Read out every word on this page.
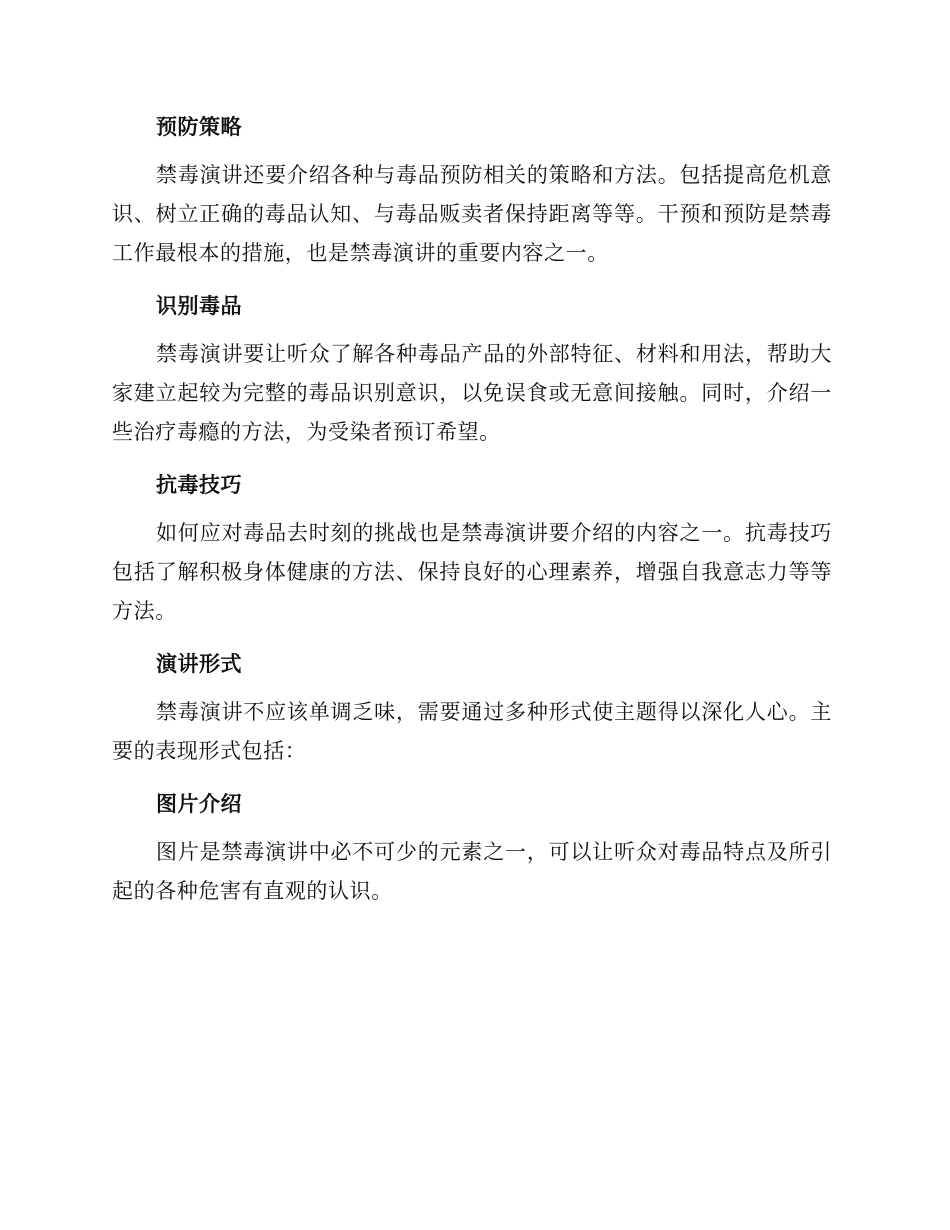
预防策略

禁毒演讲还要介绍各种与毒品预防相关的策略和方法。包括提高危机意识、树立正确的毒品认知、与毒品贩卖者保持距离等等。干预和预防是禁毒工作最根本的措施，也是禁毒演讲的重要内容之一。

识别毒品

禁毒演讲要让听众了解各种毒品产品的外部特征、材料和用法，帮助大家建立起较为完整的毒品识别意识，以免误食或无意间接触。同时，介绍一些治疗毒瘾的方法，为受染者预订希望。

抗毒技巧

如何应对毒品去时刻的挑战也是禁毒演讲要介绍的内容之一。抗毒技巧包括了解积极身体健康的方法、保持良好的心理素养，增强自我意志力等等方法。

演讲形式

禁毒演讲不应该单调乏味，需要通过多种形式使主题得以深化人心。主要的表现形式包括：

图片介绍

图片是禁毒演讲中必不可少的元素之一，可以让听众对毒品特点及所引起的各种危害有直观的认识。
